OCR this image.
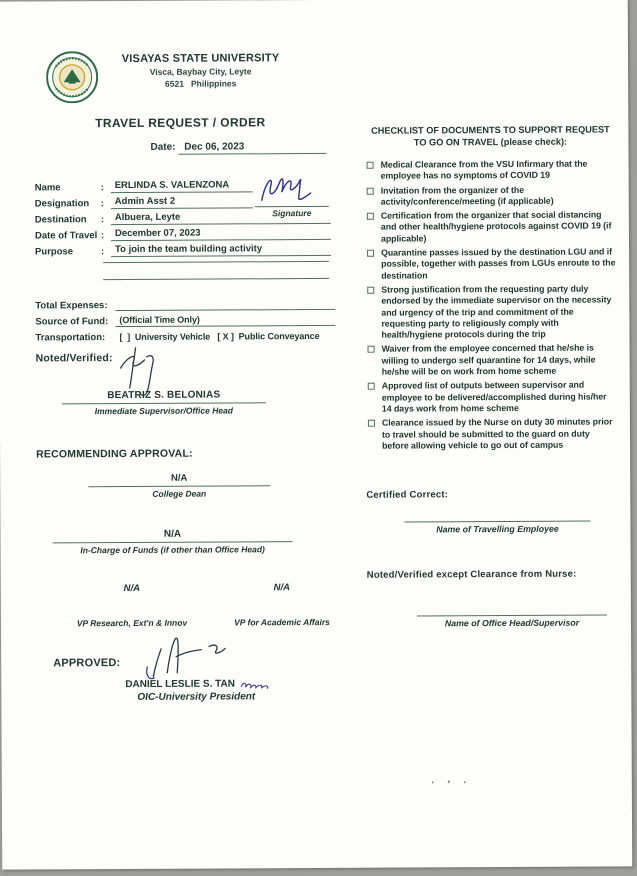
VISAYAS STATE UNIVERSITY
Visca, Baybay City, Leyte
6521   Philippines
TRAVEL REQUEST / ORDER
Date: Dec 06, 2023
Name	:	ERLINDA S. VALENZONA
Designation	:	Admin Asst 2
Destination	:	Albuera, Leyte
Date of Travel :	December 07, 2023
Purpose	:	To join the team building activity
Signature
Total Expenses:
Source of Fund:	(Official Time Only)
Transportation:	[  ]  University Vehicle   [ X ]  Public Conveyance
Noted/Verified:
BEATRIZ S. BELONIAS
Immediate Supervisor/Office Head
RECOMMENDING APPROVAL:
N/A
College Dean
N/A
In-Charge of Funds (if other than Office Head)
N/A
VP Research, Ext'n & Innov
N/A
VP for Academic Affairs
APPROVED:
DANIEL LESLIE S. TAN
OIC-University President
CHECKLIST OF DOCUMENTS TO SUPPORT REQUEST
TO GO ON TRAVEL (please check):
Medical Clearance from the VSU Infirmary that the employee has no symptoms of COVID 19
Invitation from the organizer of the activity/conference/meeting (if applicable)
Certification from the organizer that social distancing and other health/hygiene protocols against COVID 19 (if applicable)
Quarantine passes issued by the destination LGU and if possible, together with passes from LGUs enroute to the destination
Strong justification from the requesting party duly endorsed by the immediate supervisor on the necessity and urgency of the trip and commitment of the requesting party to religiously comply with health/hygiene protocols during the trip
Waiver from the employee concerned that he/she is willing to undergo self quarantine for 14 days, while he/she will be on work from home scheme
Approved list of outputs between supervisor and employee to be delivered/accomplished during his/her 14 days work from home scheme
Clearance issued by the Nurse on duty 30 minutes prior to travel should be submitted to the guard on duty before allowing vehicle to go out of campus
Certified Correct:
Name of Travelling Employee
Noted/Verified except Clearance from Nurse:
Name of Office Head/Supervisor
